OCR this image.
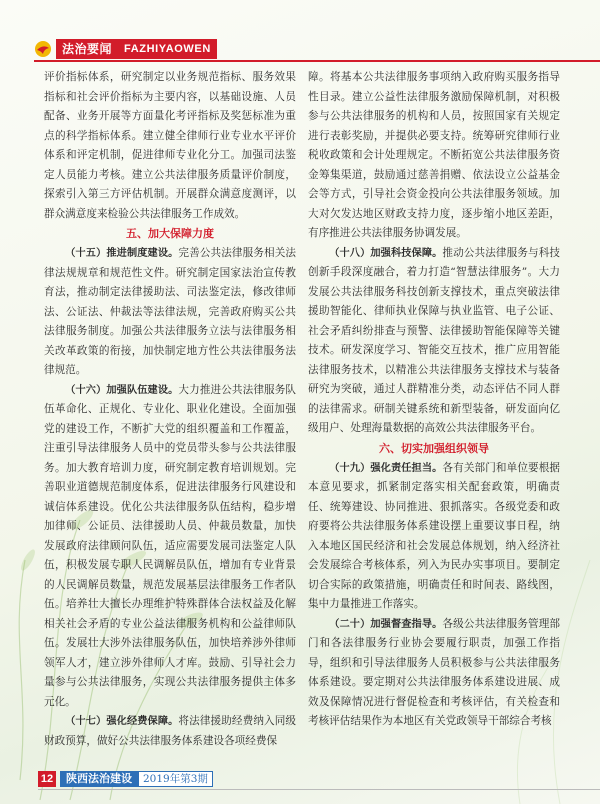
法治要闻	FAZHIYAOWEN

评价指标体系，研究制定以业务规范指标、服务效果指标和社会评价指标为主要内容，以基础设施、人员配备、业务开展等方面量化考评指标及奖惩标准为重点的科学指标体系。建立健全律师行业专业水平评价体系和评定机制，促进律师专业化分工。加强司法鉴定人员能力考核。建立公共法律服务质量评价制度，探索引入第三方评估机制。开展群众满意度测评，以群众满意度来检验公共法律服务工作成效。

五、加大保障力度

（十五）推进制度建设。完善公共法律服务相关法律法规规章和规范性文件。研究制定国家法治宣传教育法，推动制定法律援助法、司法鉴定法，修改律师法、公证法、仲裁法等法律法规，完善政府购买公共法律服务制度。加强公共法律服务立法与法律服务相关改革政策的衔接，加快制定地方性公共法律服务法律规范。

（十六）加强队伍建设。大力推进公共法律服务队伍革命化、正规化、专业化、职业化建设。全面加强党的建设工作，不断扩大党的组织覆盖和工作覆盖，注重引导法律服务人员中的党员带头参与公共法律服务。加大教育培训力度，研究制定教育培训规划。完善职业道德规范制度体系，促进法律服务行风建设和诚信体系建设。优化公共法律服务队伍结构，稳步增加律师、公证员、法律援助人员、仲裁员数量，加快发展政府法律顾问队伍，适应需要发展司法鉴定人队伍，积极发展专职人民调解员队伍，增加有专业背景的人民调解员数量，规范发展基层法律服务工作者队伍。培养壮大擅长办理维护特殊群体合法权益及化解相关社会矛盾的专业公益法律服务机构和公益律师队伍。发展壮大涉外法律服务队伍，加快培养涉外律师领军人才，建立涉外律师人才库。鼓励、引导社会力量参与公共法律服务，实现公共法律服务提供主体多元化。

（十七）强化经费保障。将法律援助经费纳入同级财政预算，做好公共法律服务体系建设各项经费保

障。将基本公共法律服务事项纳入政府购买服务指导性目录。建立公益性法律服务激励保障机制，对积极参与公共法律服务的机构和人员，按照国家有关规定进行表彰奖励，并提供必要支持。统筹研究律师行业税收政策和会计处理规定。不断拓宽公共法律服务资金筹集渠道，鼓励通过慈善捐赠、依法设立公益基金会等方式，引导社会资金投向公共法律服务领域。加大对欠发达地区财政支持力度，逐步缩小地区差距，有序推进公共法律服务协调发展。

（十八）加强科技保障。推动公共法律服务与科技创新手段深度融合，着力打造“智慧法律服务”。大力发展公共法律服务科技创新支撑技术，重点突破法律援助智能化、律师执业保障与执业监管、电子公证、社会矛盾纠纷排查与预警、法律援助智能保障等关键技术。研发深度学习、智能交互技术，推广应用智能法律服务技术，以精准公共法律服务支撑技术与装备研究为突破，通过人群精准分类，动态评估不同人群的法律需求。研制关键系统和新型装备，研发面向亿级用户、处理海量数据的高效公共法律服务平台。

六、切实加强组织领导

（十九）强化责任担当。各有关部门和单位要根据本意见要求，抓紧制定落实相关配套政策，明确责任、统筹建设、协同推进、狠抓落实。各级党委和政府要将公共法律服务体系建设摆上重要议事日程，纳入本地区国民经济和社会发展总体规划，纳入经济社会发展综合考核体系，列入为民办实事项目。要制定切合实际的政策措施，明确责任和时间表、路线图，集中力量推进工作落实。

（二十）加强督查指导。各级公共法律服务管理部门和各法律服务行业协会要履行职责，加强工作指导，组织和引导法律服务人员积极参与公共法律服务体系建设。要定期对公共法律服务体系建设进展、成效及保障情况进行督促检查和考核评估，有关检查和考核评估结果作为本地区有关党政领导干部综合考核

12	陕西法治建设	2019年第3期
